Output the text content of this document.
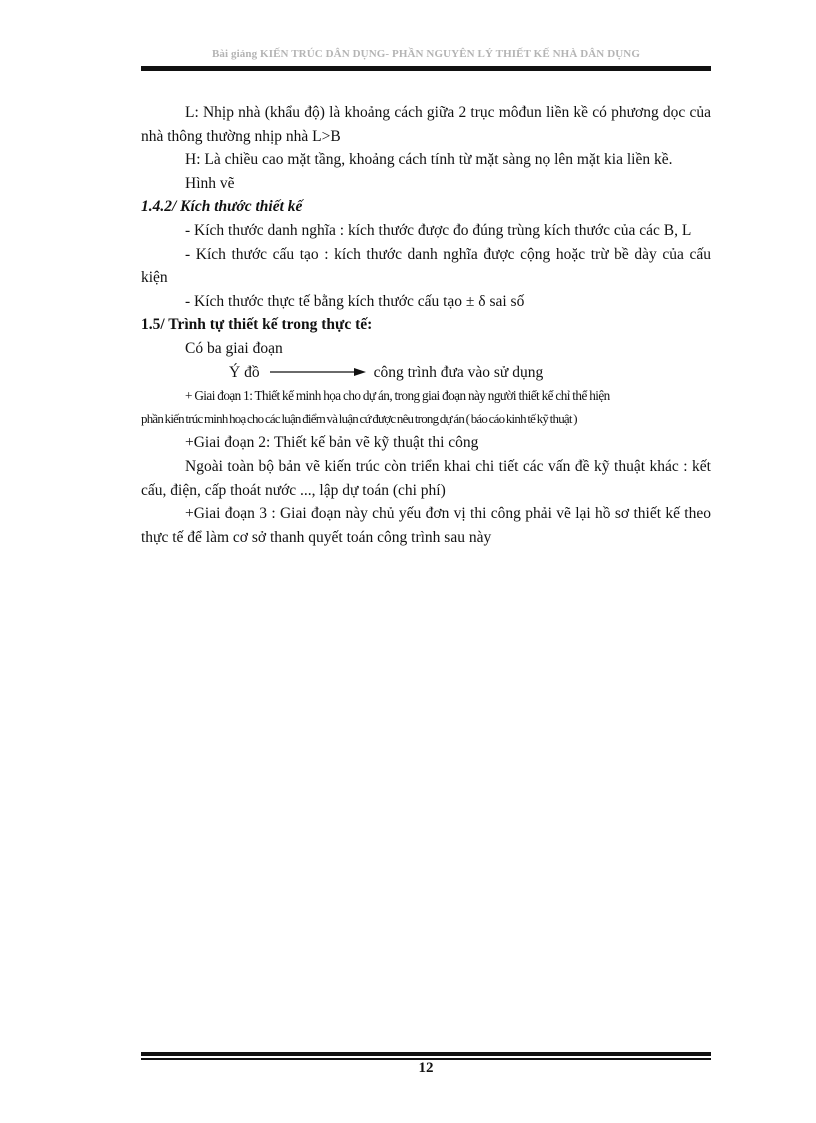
Bài giảng KIẾN TRÚC DÂN DỤNG- PHẦN NGUYÊN LÝ THIẾT KẾ NHÀ DÂN DỤNG

L: Nhịp nhà (khẩu độ) là khoảng cách giữa 2 trục môđun liền kề có phương dọc của nhà thông thường nhịp nhà L>B

H: Là chiều cao mặt tầng, khoảng cách tính từ mặt sàng nọ lên mặt kia liền kề.

Hình vẽ

1.4.2/ Kích thước thiết kế

- Kích thước danh nghĩa : kích thước được đo đúng trùng kích thước của các B, L

- Kích thước cấu tạo : kích thước danh nghĩa được cộng hoặc trừ bề dày của cấu kiện

- Kích thước thực tế bằng kích thước cấu tạo ± δ sai số

1.5/ Trình tự thiết kế trong thực tế:

Có ba giai đoạn

Ý đồ	công trình đưa vào sử dụng

+ Giai đoạn 1: Thiết kế minh họa cho dự án, trong giai đoạn này người thiết kế chỉ thể hiện

phần kiến trúc minh hoạ cho các luận điểm và luận cứ được nêu trong dự án ( báo cáo kinh tế kỹ thuật )

+Giai đoạn 2: Thiết kế bản vẽ kỹ thuật thi công

Ngoài toàn bộ bản vẽ kiến trúc còn triển khai chi tiết các vấn đề kỹ thuật khác : kết cấu, điện, cấp thoát nước ..., lập dự toán (chi phí)

+Giai đoạn 3 : Giai đoạn này chủ yếu đơn vị thi công phải vẽ lại hồ sơ thiết kế theo thực tế để làm cơ sở thanh quyết toán công trình sau này

12
